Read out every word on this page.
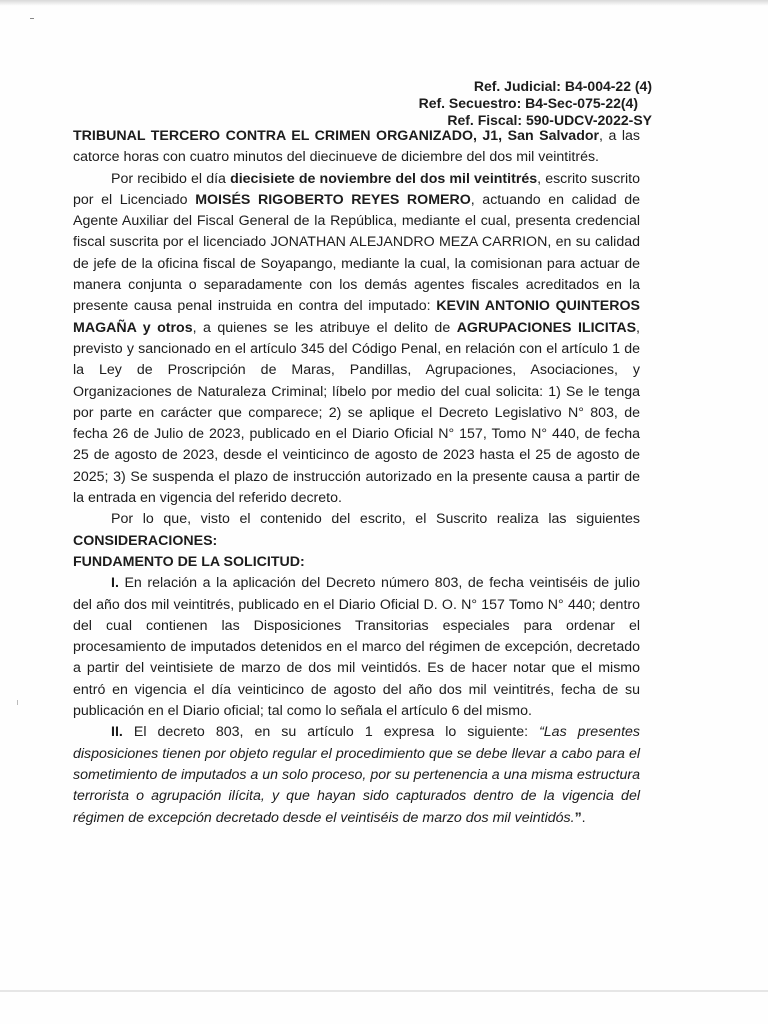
Ref. Judicial: B4-004-22 (4)
Ref. Secuestro: B4-Sec-075-22(4)
Ref. Fiscal: 590-UDCV-2022-SY

TRIBUNAL TERCERO CONTRA EL CRIMEN ORGANIZADO, J1, San Salvador, a las catorce horas con cuatro minutos del diecinueve de diciembre del dos mil veintitrés.

Por recibido el día diecisiete de noviembre del dos mil veintitrés, escrito suscrito por el Licenciado MOISÉS RIGOBERTO REYES ROMERO, actuando en calidad de Agente Auxiliar del Fiscal General de la República, mediante el cual, presenta credencial fiscal suscrita por el licenciado JONATHAN ALEJANDRO MEZA CARRION, en su calidad de jefe de la oficina fiscal de Soyapango, mediante la cual, la comisionan para actuar de manera conjunta o separadamente con los demás agentes fiscales acreditados en la presente causa penal instruida en contra del imputado: KEVIN ANTONIO QUINTEROS MAGAÑA y otros, a quienes se les atribuye el delito de AGRUPACIONES ILICITAS, previsto y sancionado en el artículo 345 del Código Penal, en relación con el artículo 1 de la Ley de Proscripción de Maras, Pandillas, Agrupaciones, Asociaciones, y Organizaciones de Naturaleza Criminal; líbelo por medio del cual solicita: 1) Se le tenga por parte en carácter que comparece; 2) se aplique el Decreto Legislativo N° 803, de fecha 26 de Julio de 2023, publicado en el Diario Oficial N° 157, Tomo N° 440, de fecha 25 de agosto de 2023, desde el veinticinco de agosto de 2023 hasta el 25 de agosto de 2025; 3) Se suspenda el plazo de instrucción autorizado en la presente causa a partir de la entrada en vigencia del referido decreto.

Por lo que, visto el contenido del escrito, el Suscrito realiza las siguientes CONSIDERACIONES:

FUNDAMENTO DE LA SOLICITUD:

I. En relación a la aplicación del Decreto número 803, de fecha veintiséis de julio del año dos mil veintitrés, publicado en el Diario Oficial D. O. N° 157 Tomo N° 440; dentro del cual contienen las Disposiciones Transitorias especiales para ordenar el procesamiento de imputados detenidos en el marco del régimen de excepción, decretado a partir del veintisiete de marzo de dos mil veintidós. Es de hacer notar que el mismo entró en vigencia el día veinticinco de agosto del año dos mil veintitrés, fecha de su publicación en el Diario oficial; tal como lo señala el artículo 6 del mismo.

II. El decreto 803, en su artículo 1 expresa lo siguiente: “Las presentes disposiciones tienen por objeto regular el procedimiento que se debe llevar a cabo para el sometimiento de imputados a un solo proceso, por su pertenencia a una misma estructura terrorista o agrupación ilícita, y que hayan sido capturados dentro de la vigencia del régimen de excepción decretado desde el veintiséis de marzo dos mil veintidós.”.
